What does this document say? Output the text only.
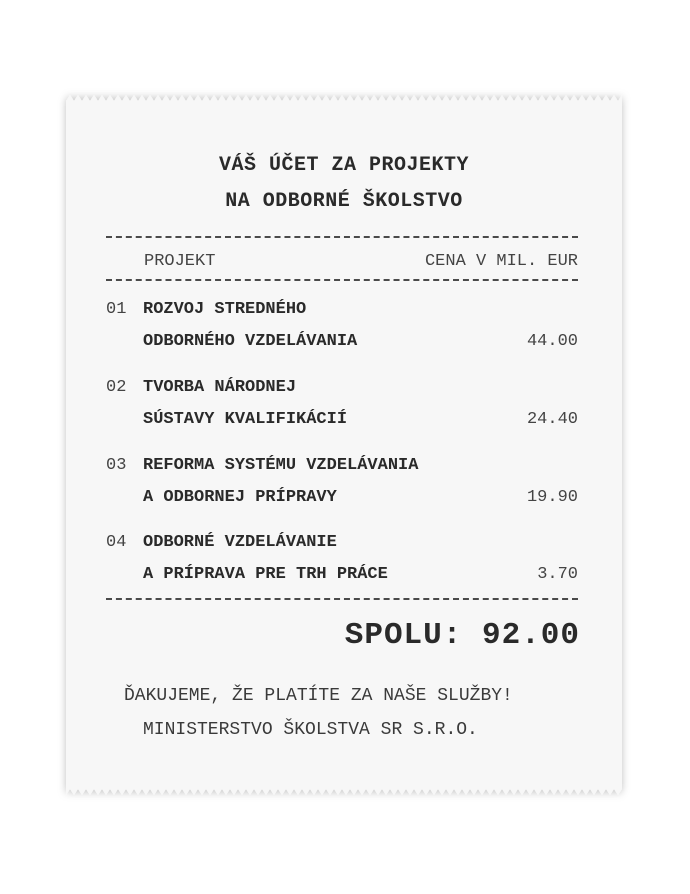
VÁŠ ÚČET ZA PROJEKTY
NA ODBORNÉ ŠKOLSTVO
PROJEKT	CENA V MIL. EUR
01 ROZVOJ STREDNÉHO
ODBORNÉHO VZDELÁVANIA	44.00
02 TVORBA NÁRODNEJ
SÚSTAVY KVALIFIKÁCIÍ	24.40
03 REFORMA SYSTÉMU VZDELÁVANIA
A ODBORNEJ PRÍPRAVY	19.90
04 ODBORNÉ VZDELÁVANIE
A PRÍPRAVA PRE TRH PRÁCE	3.70
SPOLU: 92.00
ĎAKUJEME, ŽE PLATÍTE ZA NAŠE SLUŽBY!
MINISTERSTVO ŠKOLSTVA SR S.R.O.
